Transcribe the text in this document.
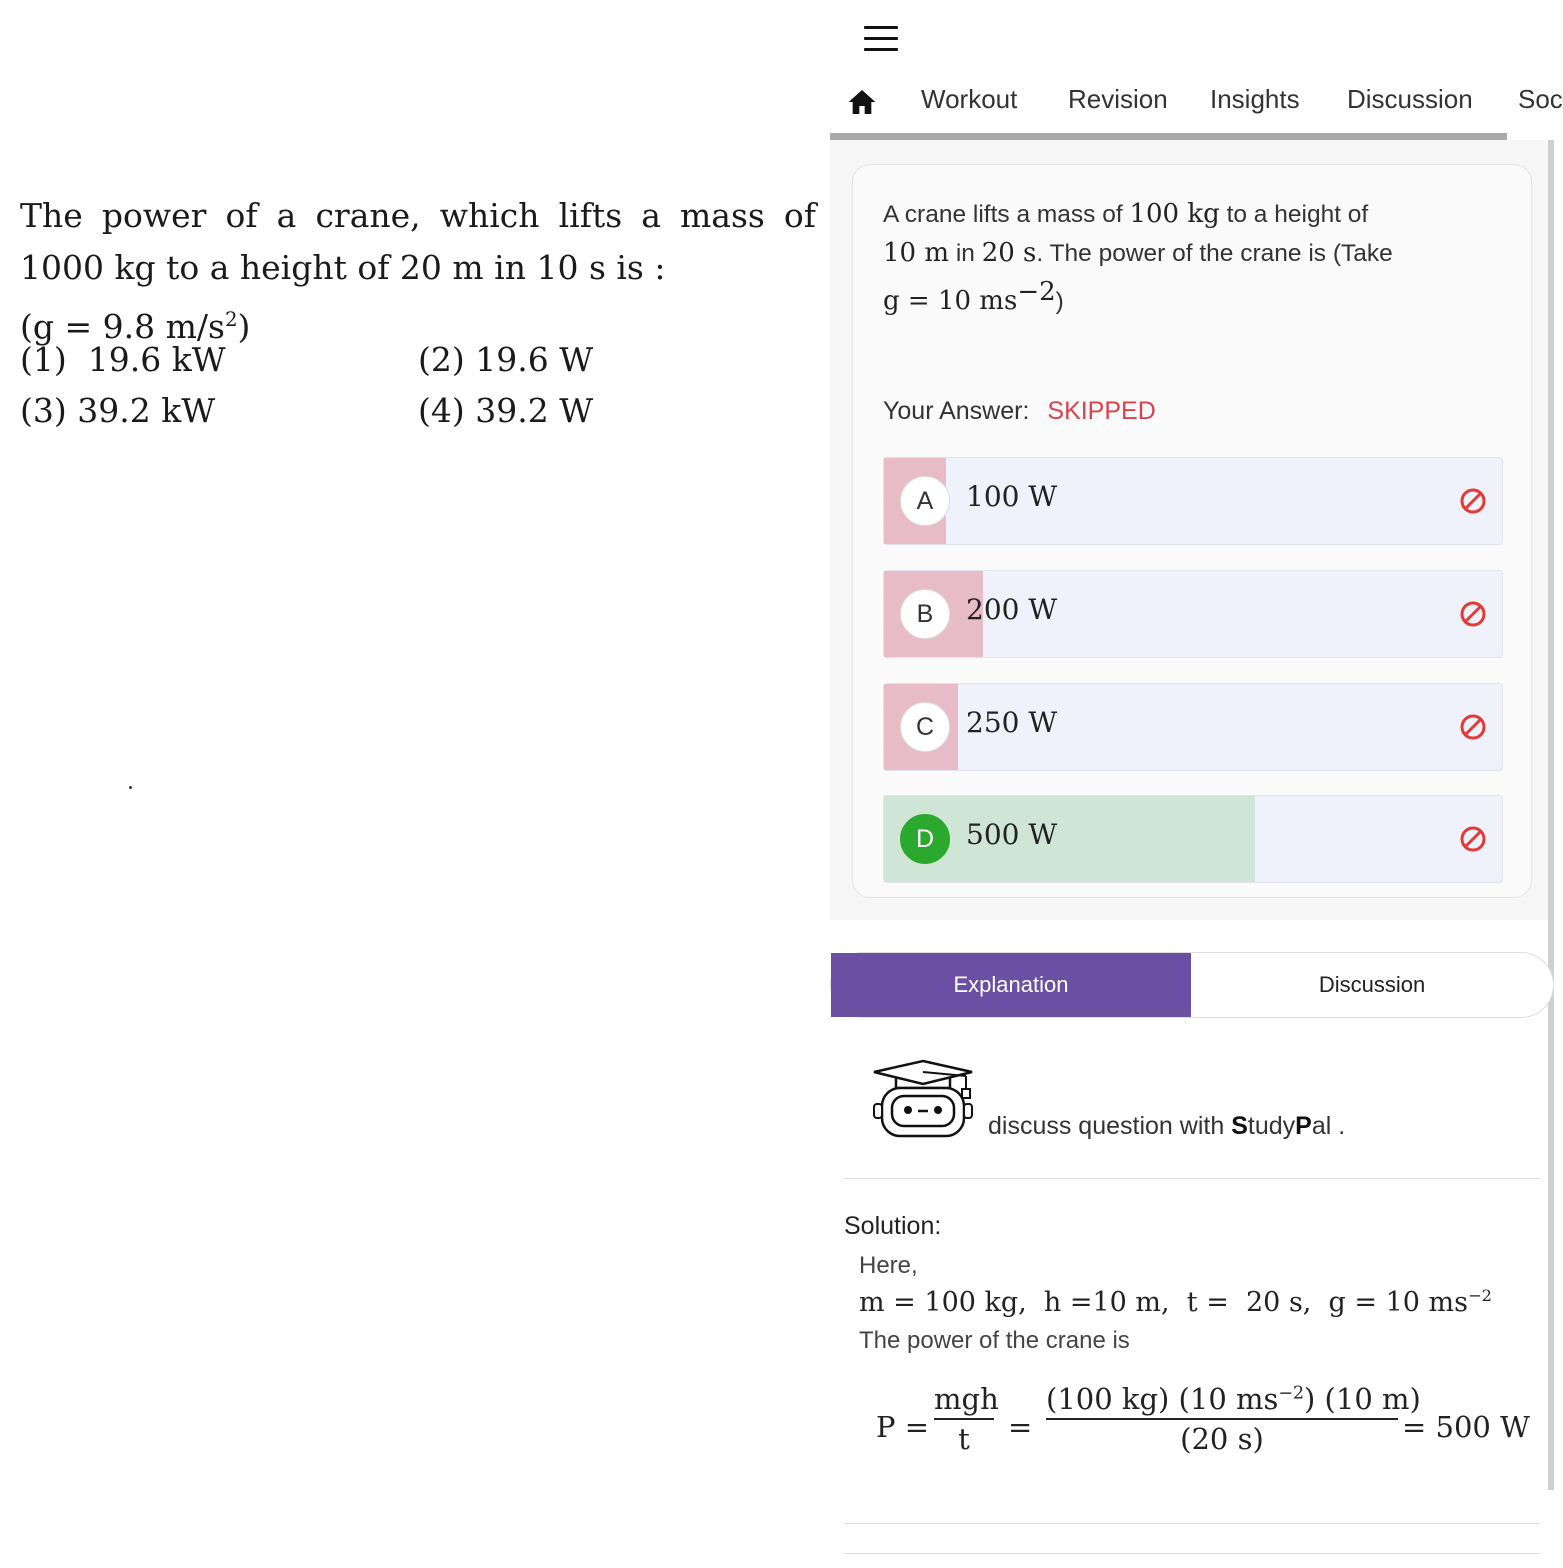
The power of a crane, which lifts a mass of
1000 kg to a height of 20 m in 10 s is :
(g = 9.8 $m/s^2$)
(1) 19.6 kW	(2) 19.6 W
(3) 39.2 kW	(4) 39.2 W
Workout Revision Insights Discussion Soc
A crane lifts a mass of 100 kg to a height of
10 m in 20 s. The power of the crane is (Take
g = 10 $ms^{-2}$)
Your Answer: SKIPPED
A	100 W
B	200 W
C	250 W
D	500 W
Explanation	Discussion
discuss question with StudyPal .
Solution:
Here,
m = 100 kg,  h =10 m,  t =  20 s,  g = 10 $ms^{-2}$
The power of the crane is
P =
mgh
t	=
(100 kg) (10 $ms^{-2}$) (10 m)
(20 s)	= 500 W
